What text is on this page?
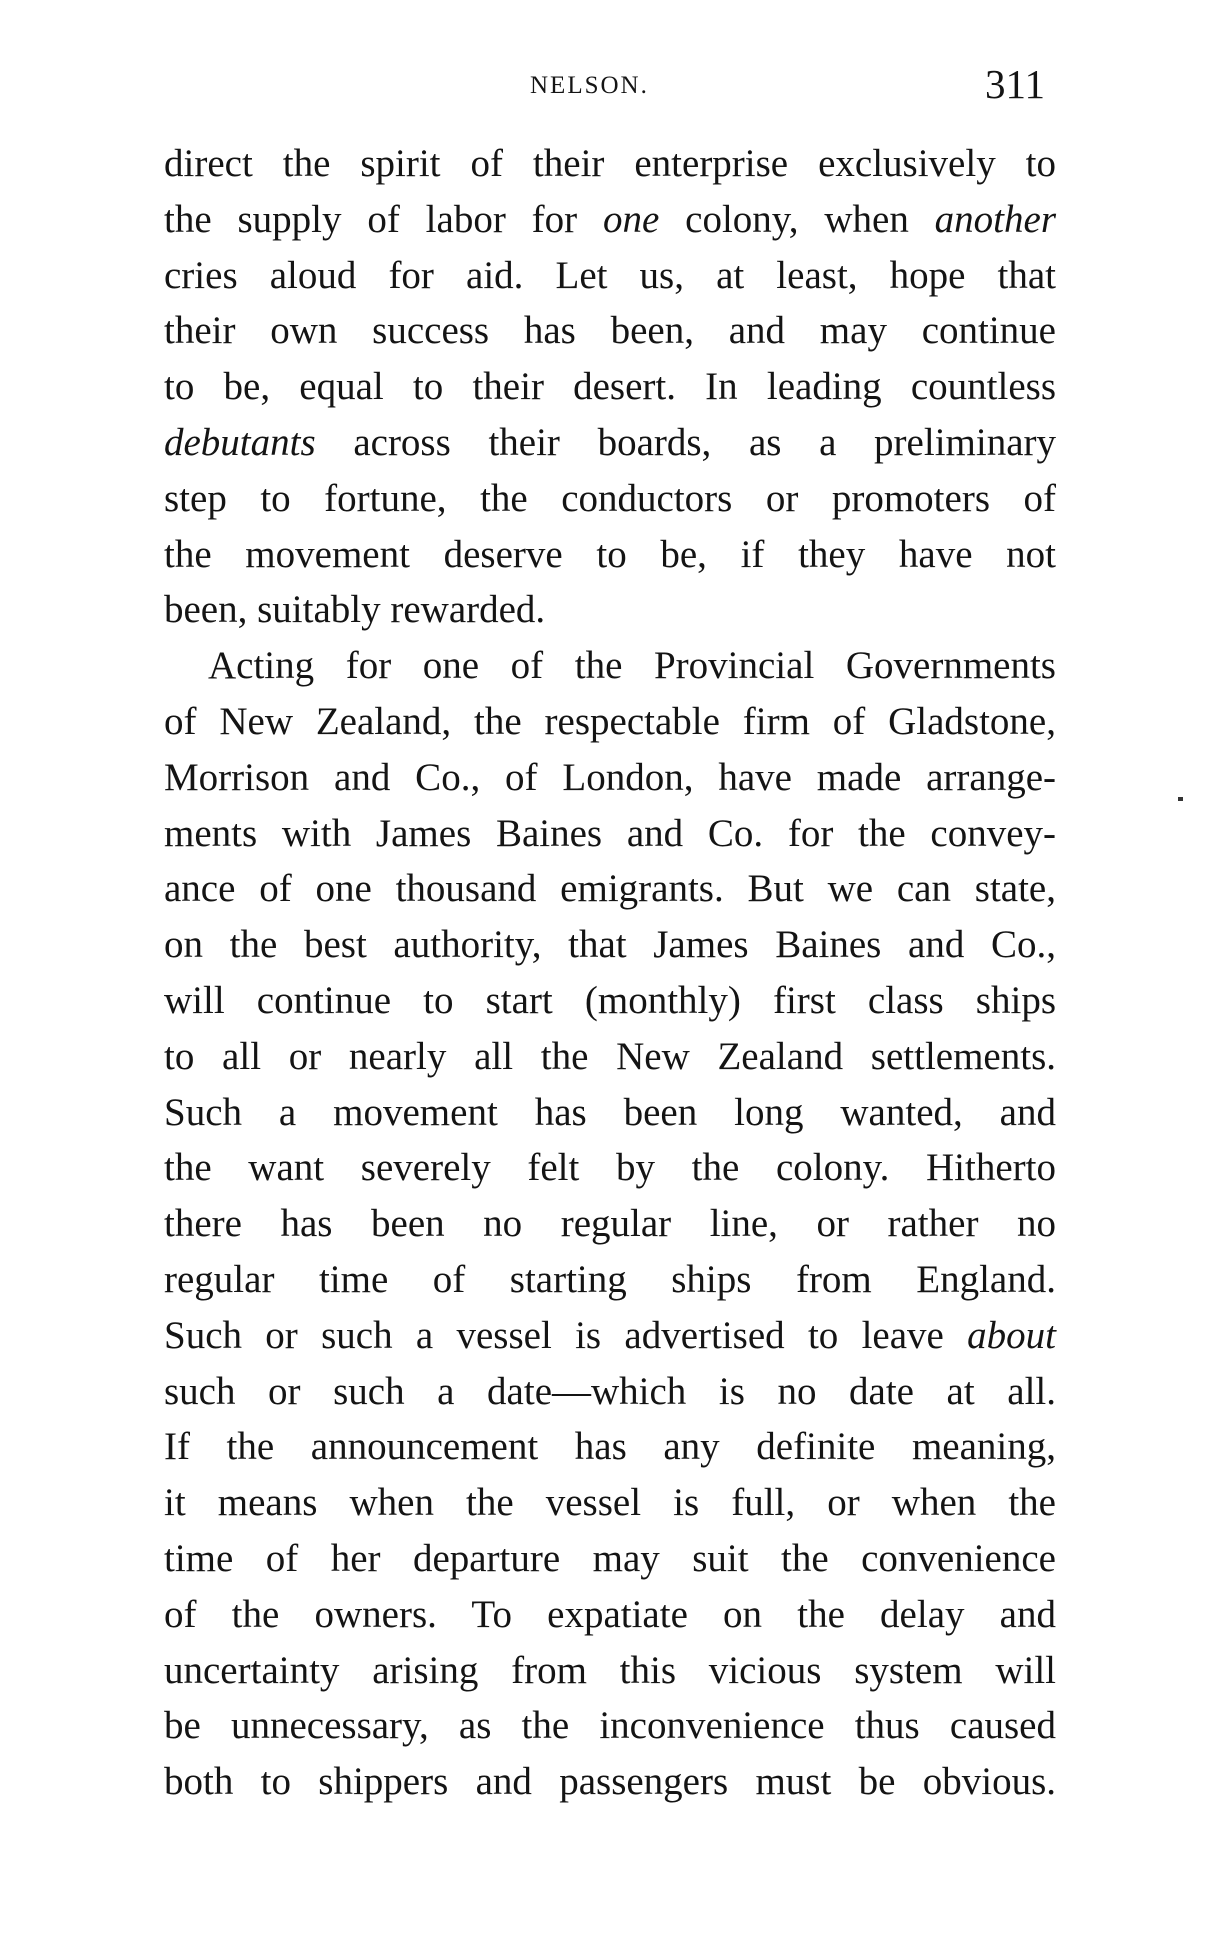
NELSON.	311
direct the spirit of their enterprise exclusively to
the supply of labor for one colony, when another
cries aloud for aid. Let us, at least, hope that
their own success has been, and may continue
to be, equal to their desert. In leading countless
debutants across their boards, as a preliminary
step to fortune, the conductors or promoters of
the movement deserve to be, if they have not
been, suitably rewarded.
Acting for one of the Provincial Governments
of New Zealand, the respectable firm of Gladstone,
Morrison and Co., of London, have made arrange-
ments with James Baines and Co. for the convey-
ance of one thousand emigrants. But we can state,
on the best authority, that James Baines and Co.,
will continue to start (monthly) first class ships
to all or nearly all the New Zealand settlements.
Such a movement has been long wanted, and
the want severely felt by the colony. Hitherto
there has been no regular line, or rather no
regular time of starting ships from England.
Such or such a vessel is advertised to leave about
such or such a date—which is no date at all.
If the announcement has any definite meaning,
it means when the vessel is full, or when the
time of her departure may suit the convenience
of the owners. To expatiate on the delay and
uncertainty arising from this vicious system will
be unnecessary, as the inconvenience thus caused
both to shippers and passengers must be obvious.
